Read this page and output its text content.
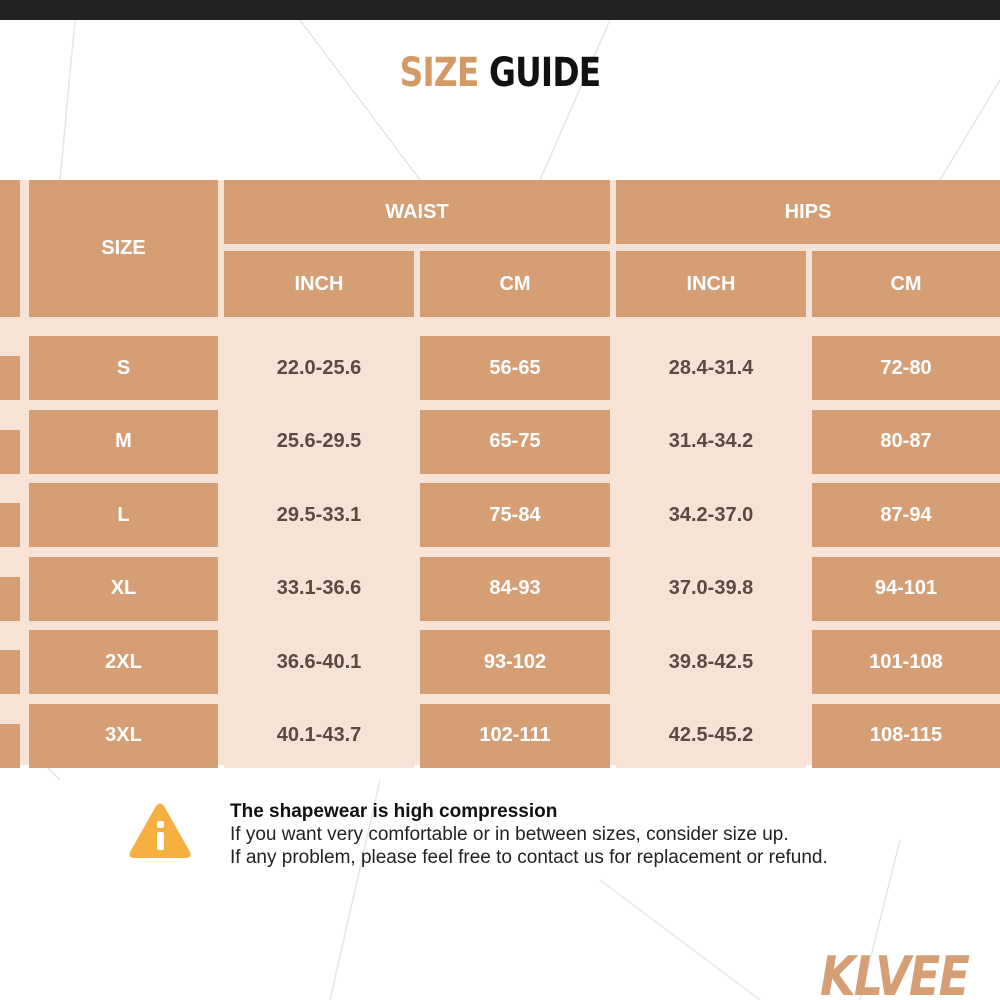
SIZE GUIDE
SIZE
WAIST	HIPS
INCH	CM	INCH	CM
S	22.0-25.6	56-65	28.4-31.4	72-80
M	25.6-29.5	65-75	31.4-34.2	80-87
L	29.5-33.1	75-84	34.2-37.0	87-94
XL	33.1-36.6	84-93	37.0-39.8	94-101
2XL	36.6-40.1	93-102	39.8-42.5	101-108
3XL	40.1-43.7	102-111	42.5-45.2	108-115
The shapewear is high compression
If you want very comfortable or in between sizes, consider size up.
If any problem, please feel free to contact us for replacement or refund.
KLVEE
